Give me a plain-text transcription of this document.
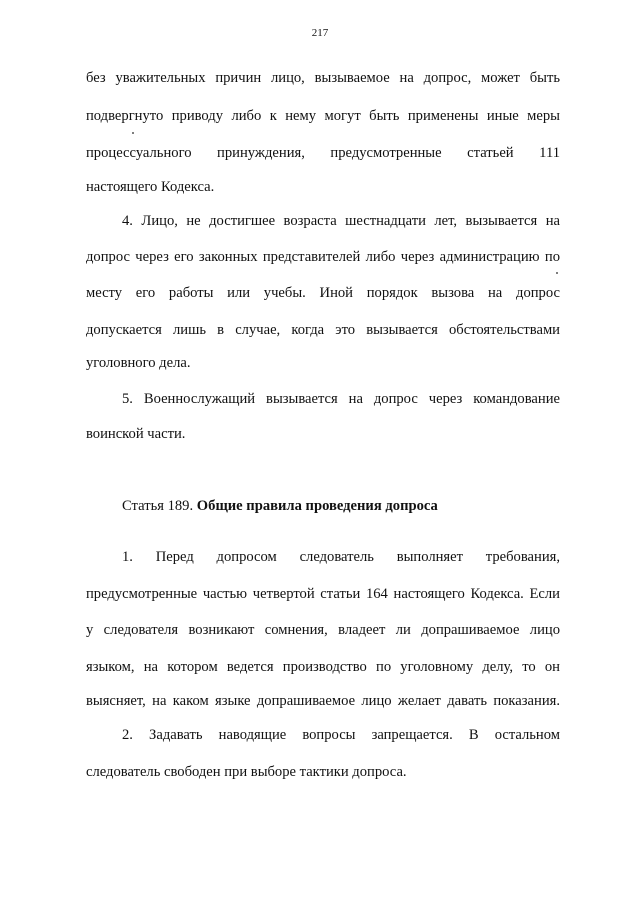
217
без уважительных причин лицо, вызываемое на допрос, может быть
подвергнуто приводу либо к нему могут быть применены иные меры
процессуального принуждения, предусмотренные статьей 111
настоящего Кодекса.
4. Лицо, не достигшее возраста шестнадцати лет, вызывается на
допрос через его законных представителей либо через администрацию по
месту его работы или учебы. Иной порядок вызова на допрос
допускается лишь в случае, когда это вызывается обстоятельствами
уголовного дела.
5. Военнослужащий вызывается на допрос через командование
воинской части.
Статья 189. Общие правила проведения допроса
1. Перед допросом следователь выполняет требования,
предусмотренные частью четвертой статьи 164 настоящего Кодекса. Если
у следователя возникают сомнения, владеет ли допрашиваемое лицо
языком, на котором ведется производство по уголовному делу, то он
выясняет, на каком языке допрашиваемое лицо желает давать показания.
2. Задавать наводящие вопросы запрещается. В остальном
следователь свободен при выборе тактики допроса.
